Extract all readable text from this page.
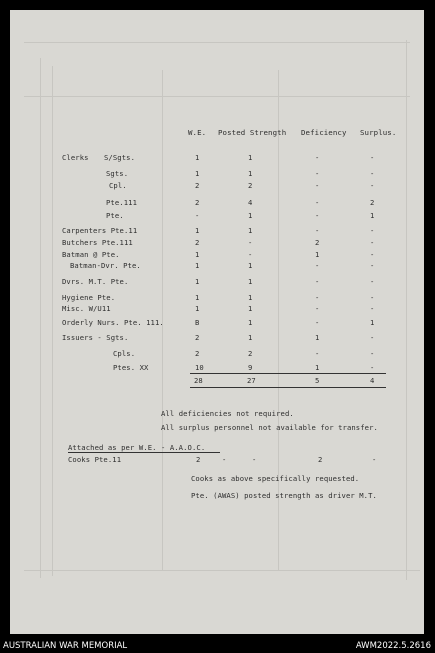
W.E. Posted Strength Deficiency Surplus.
Clerks S/Sgts.	1	1	-	-
Sgts.	1	1	-	-
Cpl.	2	2	-	-
Pte.111	2	4	-	2
Pte.	-	1	-	1
Carpenters Pte.11	1	1	-	-
Butchers Pte.111	2	-	2	-
Batman @ Pte.	1	-	1	-
Batman-Dvr. Pte.	1	1	-	-
Dvrs. M.T. Pte.	1	1	-	-
Hygiene Pte.	1	1	-	-
Misc. W/U11	1	1	-	-
Orderly Nurs. Pte. 111.	B	1	-	1
Issuers - Sgts.	2	1	1	-
Cpls.	2	2	-	-
Ptes. XX	10	9	1	-
28	27	5	4
All deficiencies not required.
All surplus personnel not available for transfer.
Attached as per W.E. - A.A.O.C.
Cooks Pte.11	2	-	-	2	-
Cooks as above specifically requested.
Pte. (AWAS) posted strength as driver M.T.
AUSTRALIAN WAR MEMORIAL	AWM2022.5.2616
